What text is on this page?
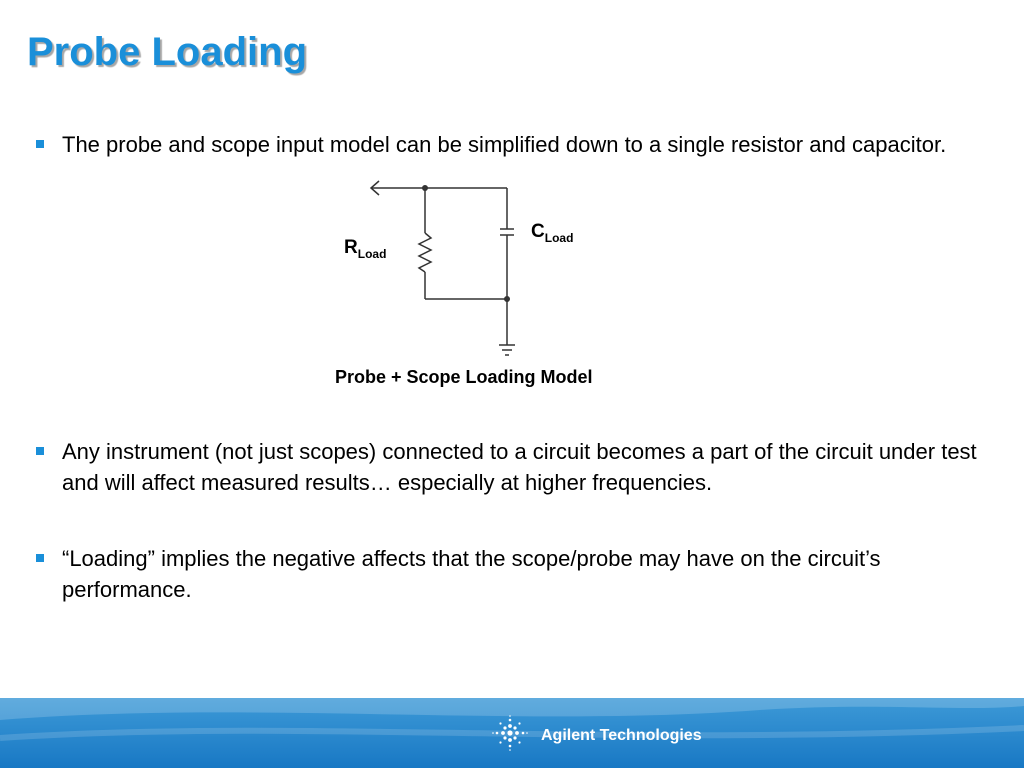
Probe Loading
The probe and scope input model can be simplified down to a single resistor and capacitor.
$R_{Load}$
$C_{Load}$
Probe + Scope Loading Model
Any instrument (not just scopes) connected to a circuit becomes a part of the circuit under test and will affect measured results… especially at higher frequencies.
“Loading” implies the negative affects that the scope/probe may have on the circuit’s performance.
Agilent Technologies
